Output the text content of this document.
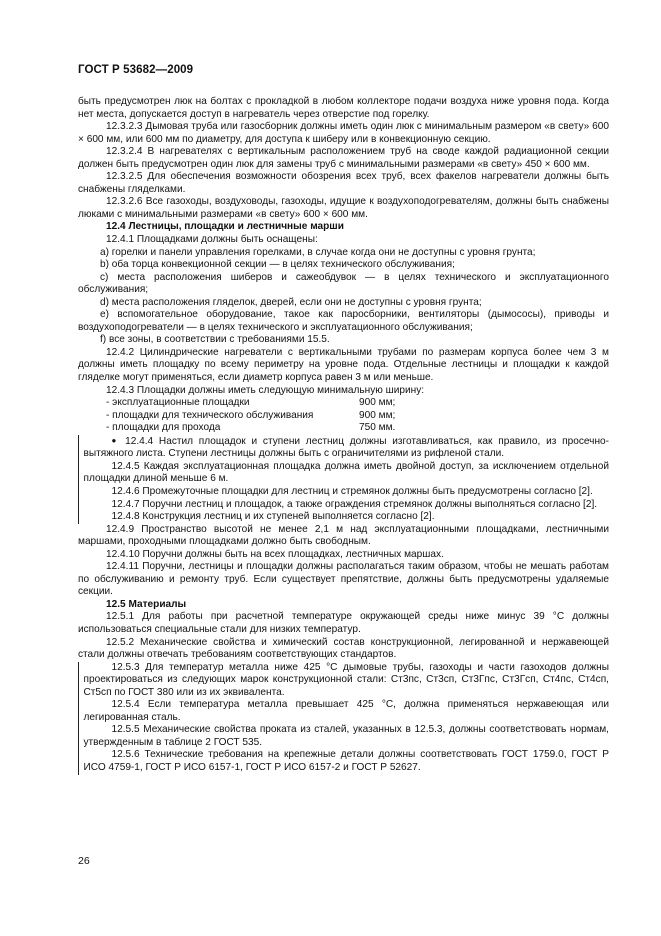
ГОСТ Р 53682—2009

быть предусмотрен люк на болтах с прокладкой в любом коллекторе подачи воздуха ниже уровня пода. Когда нет места, допускается доступ в нагреватель через отверстие под горелку.

12.3.2.3 Дымовая труба или газосборник должны иметь один люк с минимальным размером «в свету» 600 × 600 мм, или 600 мм по диаметру, для доступа к шиберу или в конвекционную секцию.

12.3.2.4 В нагревателях с вертикальным расположением труб на своде каждой радиационной секции должен быть предусмотрен один люк для замены труб с минимальными размерами «в свету» 450 × 600 мм.

12.3.2.5 Для обеспечения возможности обозрения всех труб, всех факелов нагреватели должны быть снабжены гляделками.

12.3.2.6 Все газоходы, воздуховоды, газоходы, идущие к воздухоподогревателям, должны быть снабжены люками с минимальными размерами «в свету» 600 × 600 мм.

12.4 Лестницы, площадки и лестничные марши

12.4.1 Площадками должны быть оснащены:

a) горелки и панели управления горелками, в случае когда они не доступны с уровня грунта;

b) оба торца конвекционной секции — в целях технического обслуживания;

c) места расположения шиберов и сажеобдувок — в целях технического и эксплуатационного обслуживания;

d) места расположения гляделок, дверей, если они не доступны с уровня грунта;

e) вспомогательное оборудование, такое как паросборники, вентиляторы (дымососы), приводы и воздухоподогреватели — в целях технического и эксплуатационного обслуживания;

f) все зоны, в соответствии с требованиями 15.5.

12.4.2 Цилиндрические нагреватели с вертикальными трубами по размерам корпуса более чем 3 м должны иметь площадку по всему периметру на уровне пода. Отдельные лестницы и площадки к каждой гляделке могут применяться, если диаметр корпуса равен 3 м или меньше.

12.4.3 Площадки должны иметь следующую минимальную ширину:

- эксплуатационные площадки	900 мм;
- площадки для технического обслуживания	900 мм;
- площадки для прохода	750 мм.

● 12.4.4 Настил площадок и ступени лестниц должны изготавливаться, как правило, из просечно-вытяжного листа. Ступени лестницы должны быть с ограничителями из рифленой стали.

12.4.5 Каждая эксплуатационная площадка должна иметь двойной доступ, за исключением отдельной площадки длиной меньше 6 м.

12.4.6 Промежуточные площадки для лестниц и стремянок должны быть предусмотрены согласно [2].

12.4.7 Поручни лестниц и площадок, а также ограждения стремянок должны выполняться согласно [2].

12.4.8 Конструкция лестниц и их ступеней выполняется согласно [2].

12.4.9 Пространство высотой не менее 2,1 м над эксплуатационными площадками, лестничными маршами, проходными площадками должно быть свободным.

12.4.10 Поручни должны быть на всех площадках, лестничных маршах.

12.4.11 Поручни, лестницы и площадки должны располагаться таким образом, чтобы не мешать работам по обслуживанию и ремонту труб. Если существует препятствие, должны быть предусмотрены удаляемые секции.

12.5 Материалы

12.5.1 Для работы при расчетной температуре окружающей среды ниже минус 39 °С должны использоваться специальные стали для низких температур.

12.5.2 Механические свойства и химический состав конструкционной, легированной и нержавеющей стали должны отвечать требованиям соответствующих стандартов.

12.5.3 Для температур металла ниже 425 °С дымовые трубы, газоходы и части газоходов должны проектироваться из следующих марок конструкционной стали: Ст3пс, Ст3сп, Ст3Гпс, Ст3Гсп, Ст4пс, Ст4сп, Ст5сп по ГОСТ 380 или из их эквивалента.

12.5.4 Если температура металла превышает 425 °С, должна применяться нержавеющая или легированная сталь.

12.5.5 Механические свойства проката из сталей, указанных в 12.5.3, должны соответствовать нормам, утвержденным в таблице 2 ГОСТ 535.

12.5.6 Технические требования на крепежные детали должны соответствовать ГОСТ 1759.0, ГОСТ Р ИСО 4759-1, ГОСТ Р ИСО 6157-1, ГОСТ Р ИСО 6157-2 и ГОСТ Р 52627.

26
